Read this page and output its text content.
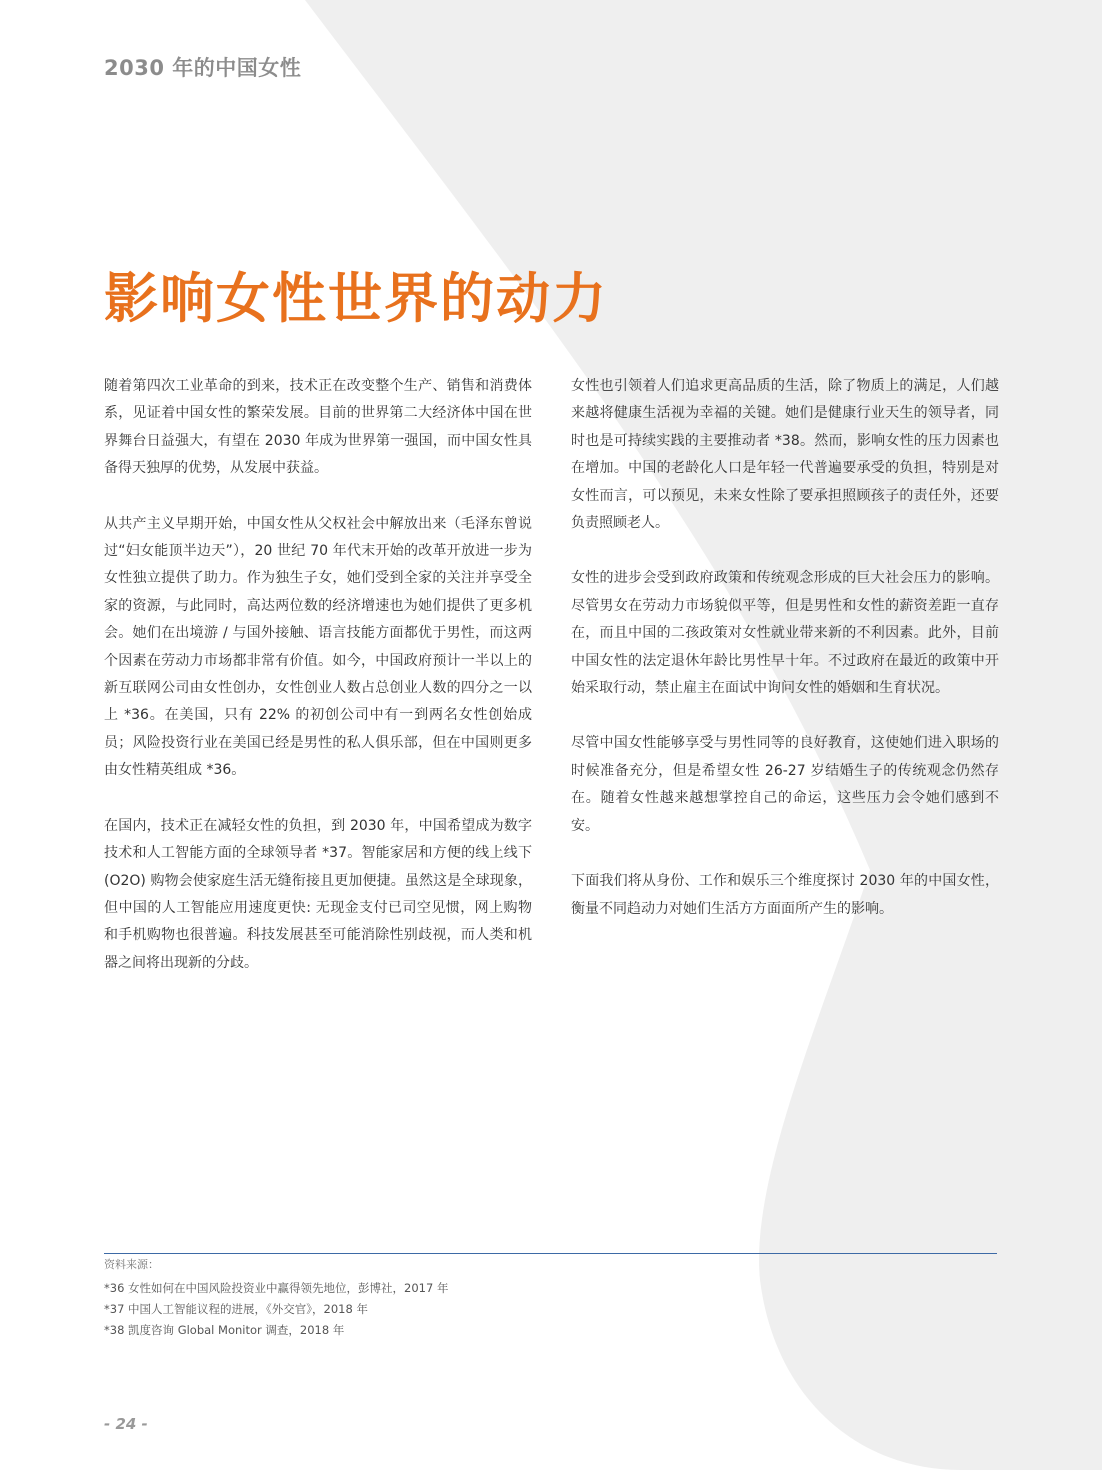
2030 年的中国女性
影响女性世界的动力

随着第四次工业革命的到来，技术正在改变整个生产、销售和消费体系，见证着中国女性的繁荣发展。目前的世界第二大经济体中国在世界舞台日益强大，有望在 2030 年成为世界第一强国，而中国女性具备得天独厚的优势，从发展中获益。

从共产主义早期开始，中国女性从父权社会中解放出来（毛泽东曾说过“妇女能顶半边天”），20 世纪 70 年代末开始的改革开放进一步为女性独立提供了助力。作为独生子女，她们受到全家的关注并享受全家的资源，与此同时，高达两位数的经济增速也为她们提供了更多机会。她们在出境游 / 与国外接触、语言技能方面都优于男性，而这两个因素在劳动力市场都非常有价值。如今，中国政府预计一半以上的新互联网公司由女性创办，女性创业人数占总创业人数的四分之一以上 *36。在美国，只有 22% 的初创公司中有一到两名女性创始成员；风险投资行业在美国已经是男性的私人俱乐部，但在中国则更多由女性精英组成 *36。

在国内，技术正在减轻女性的负担，到 2030 年，中国希望成为数字技术和人工智能方面的全球领导者 *37。智能家居和方便的线上线下 (O2O) 购物会使家庭生活无缝衔接且更加便捷。虽然这是全球现象，但中国的人工智能应用速度更快: 无现金支付已司空见惯，网上购物和手机购物也很普遍。科技发展甚至可能消除性别歧视，而人类和机器之间将出现新的分歧。

女性也引领着人们追求更高品质的生活，除了物质上的满足，人们越来越将健康生活视为幸福的关键。她们是健康行业天生的领导者，同时也是可持续实践的主要推动者 *38。然而，影响女性的压力因素也在增加。中国的老龄化人口是年轻一代普遍要承受的负担，特别是对女性而言，可以预见，未来女性除了要承担照顾孩子的责任外，还要负责照顾老人。

女性的进步会受到政府政策和传统观念形成的巨大社会压力的影响。尽管男女在劳动力市场貌似平等，但是男性和女性的薪资差距一直存在，而且中国的二孩政策对女性就业带来新的不利因素。此外，目前中国女性的法定退休年龄比男性早十年。不过政府在最近的政策中开始采取行动，禁止雇主在面试中询问女性的婚姻和生育状况。

尽管中国女性能够享受与男性同等的良好教育，这使她们进入职场的时候准备充分，但是希望女性 26-27 岁结婚生子的传统观念仍然存在。随着女性越来越想掌控自己的命运，这些压力会令她们感到不安。

下面我们将从身份、工作和娱乐三个维度探讨 2030 年的中国女性，衡量不同趋动力对她们生活方方面面所产生的影响。

资料来源：
*36 女性如何在中国风险投资业中赢得领先地位，彭博社，2017 年
*37 中国人工智能议程的进展，《外交官》，2018 年
*38 凯度咨询 Global Monitor 调查，2018 年
- 24 -
